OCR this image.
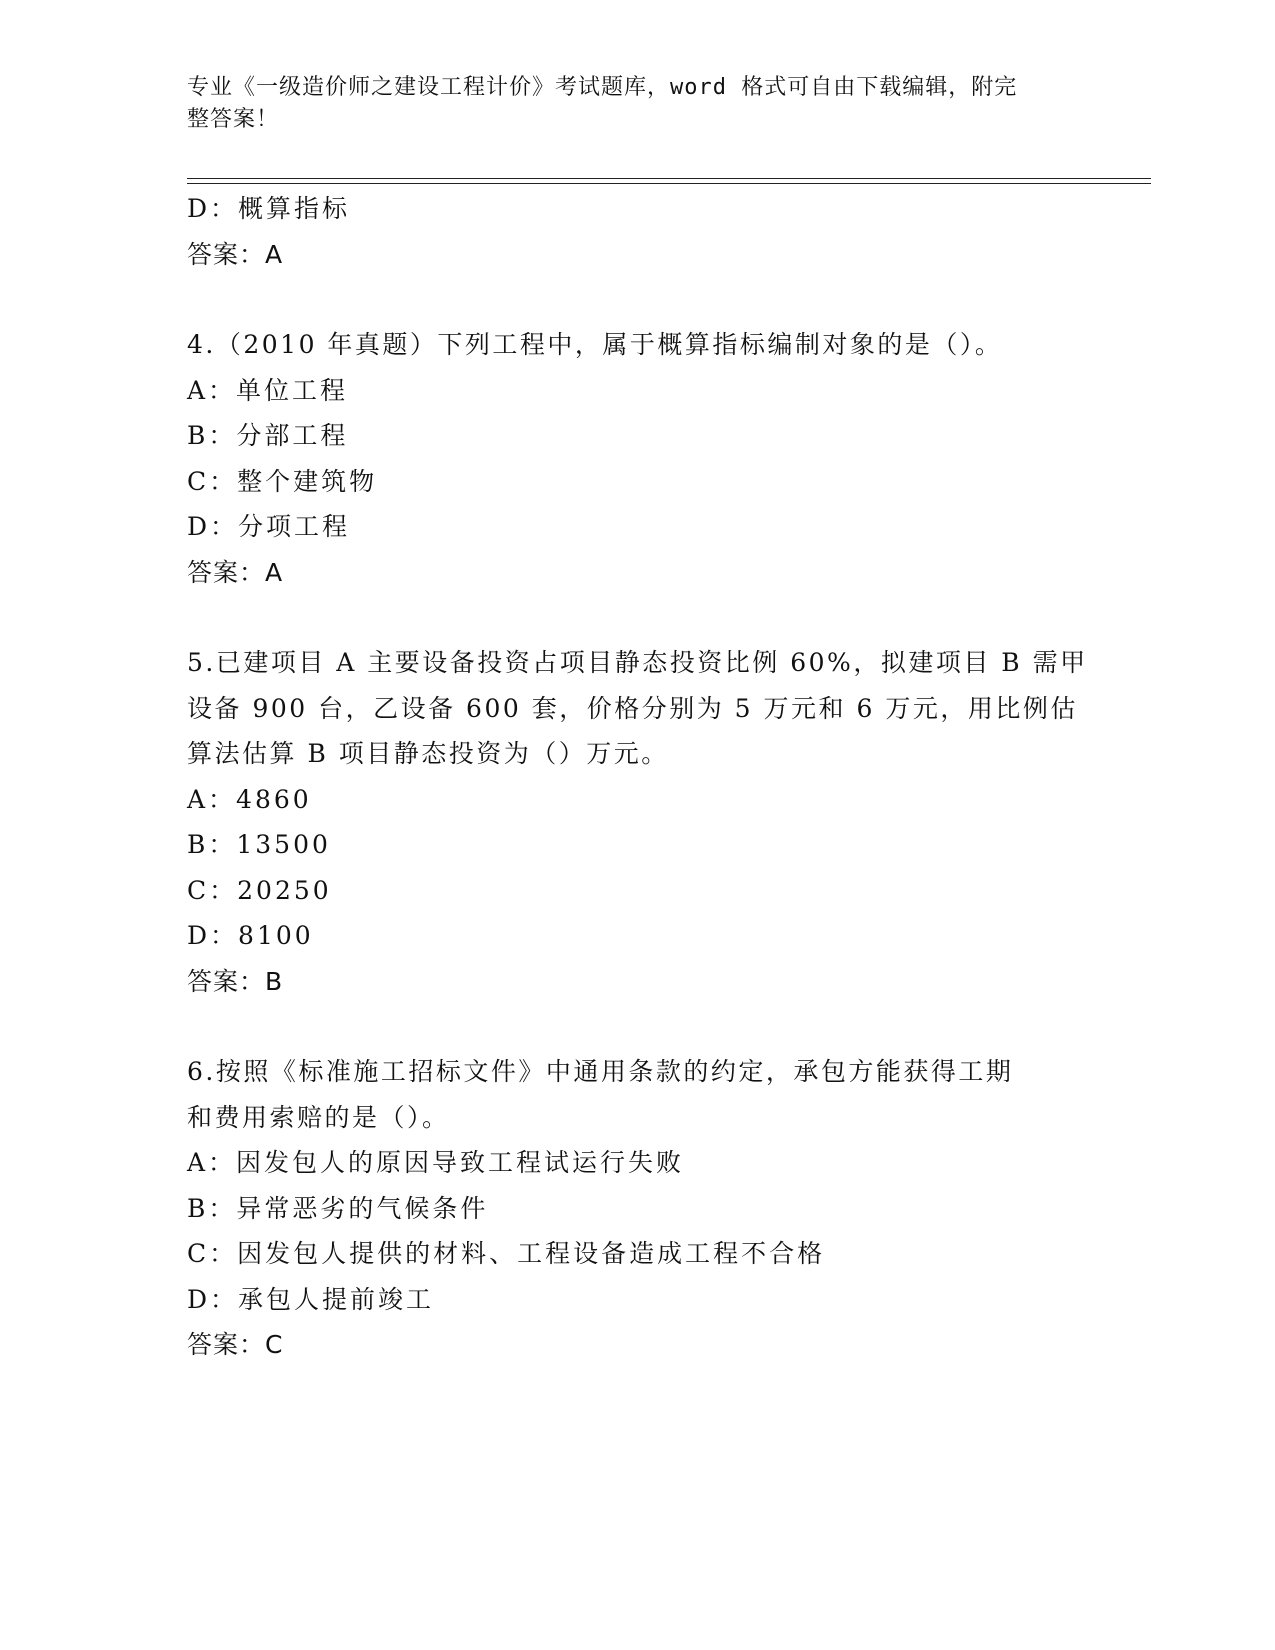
专业《一级造价师之建设工程计价》考试题库，word 格式可自由下载编辑，附完
整答案！
D：概算指标
答案：A
4.（2010 年真题）下列工程中，属于概算指标编制对象的是（）。
A：单位工程
B：分部工程
C：整个建筑物
D：分项工程
答案：A
5.已建项目 A 主要设备投资占项目静态投资比例 60%，拟建项目 B 需甲
设备 900 台，乙设备 600 套，价格分别为 5 万元和 6 万元，用比例估
算法估算 B 项目静态投资为（）万元。
A：4860
B：13500
C：20250
D：8100
答案：B
6.按照《标准施工招标文件》中通用条款的约定，承包方能获得工期
和费用索赔的是（）。
A：因发包人的原因导致工程试运行失败
B：异常恶劣的气候条件
C：因发包人提供的材料、工程设备造成工程不合格
D：承包人提前竣工
答案：C
